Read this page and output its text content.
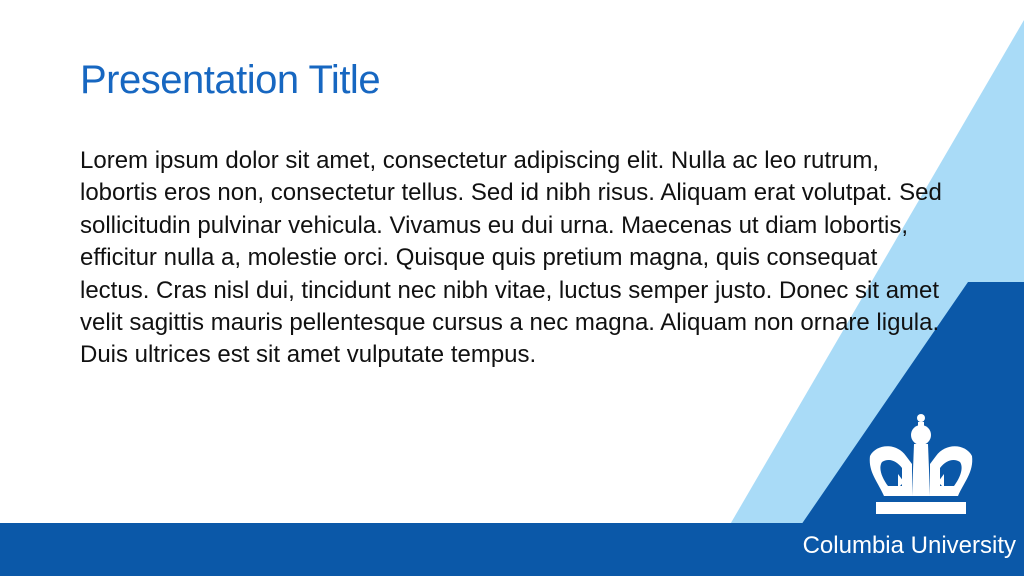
Presentation Title

Lorem ipsum dolor sit amet, consectetur adipiscing elit. Nulla ac leo rutrum, lobortis eros non, consectetur tellus. Sed id nibh risus. Aliquam erat volutpat. Sed sollicitudin pulvinar vehicula. Vivamus eu dui urna. Maecenas ut diam lobortis, efficitur nulla a, molestie orci. Quisque quis pretium magna, quis consequat lectus. Cras nisl dui, tincidunt nec nibh vitae, luctus semper justo. Donec sit amet velit sagittis mauris pellentesque cursus a nec magna. Aliquam non ornare ligula. Duis ultrices est sit amet vulputate tempus.

Columbia University
